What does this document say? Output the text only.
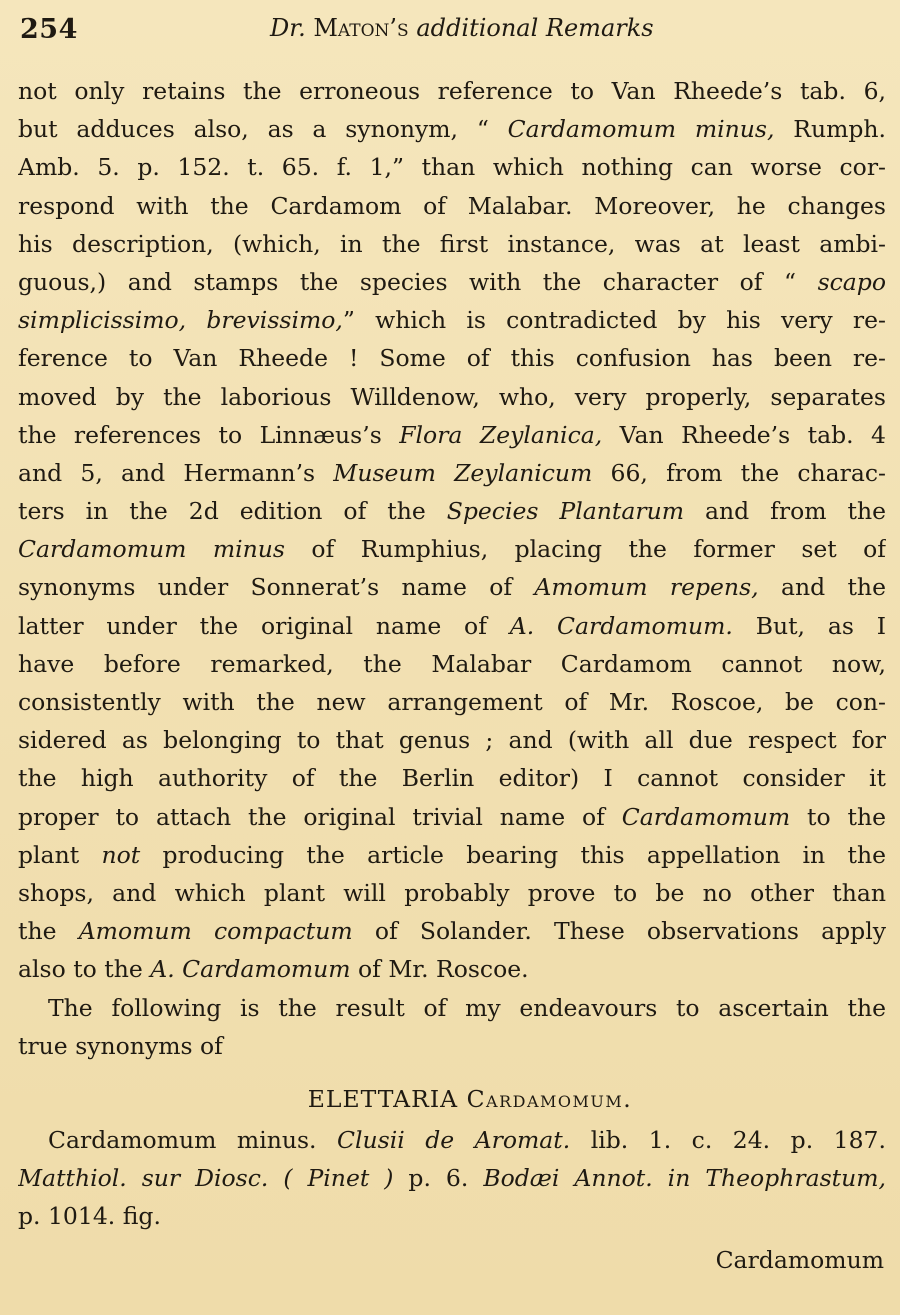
254	Dr. Maton’s additional Remarks
not only retains the erroneous reference to Van Rheede’s tab. 6,
but adduces also, as a synonym, “ Cardamomum minus, Rumph.
Amb. 5. p. 152. t. 65. f. 1,” than which nothing can worse cor-
respond with the Cardamom of Malabar. Moreover, he changes
his description, (which, in the first instance, was at least ambi-
guous,) and stamps the species with the character of “ scapo
simplicissimo, brevissimo,” which is contradicted by his very re-
ference to Van Rheede ! Some of this confusion has been re-
moved by the laborious Willdenow, who, very properly, separates
the references to Linnæus’s Flora Zeylanica, Van Rheede’s tab. 4
and 5, and Hermann’s Museum Zeylanicum 66, from the charac-
ters in the 2d edition of the Species Plantarum and from the
Cardamomum minus of Rumphius, placing the former set of
synonyms under Sonnerat’s name of Amomum repens, and the
latter under the original name of A. Cardamomum. But, as I
have before remarked, the Malabar Cardamom cannot now,
consistently with the new arrangement of Mr. Roscoe, be con-
sidered as belonging to that genus ; and (with all due respect for
the high authority of the Berlin editor) I cannot consider it
proper to attach the original trivial name of Cardamomum to the
plant not producing the article bearing this appellation in the
shops, and which plant will probably prove to be no other than
the Amomum compactum of Solander. These observations apply
also to the A. Cardamomum of Mr. Roscoe.
The following is the result of my endeavours to ascertain the
true synonyms of
ELETTARIA Cardamomum.
Cardamomum minus. Clusii de Aromat. lib. 1. c. 24. p. 187.
Matthiol. sur Diosc. ( Pinet ) p. 6. Bodæi Annot. in Theophrastum,
p. 1014. fig.
Cardamomum
